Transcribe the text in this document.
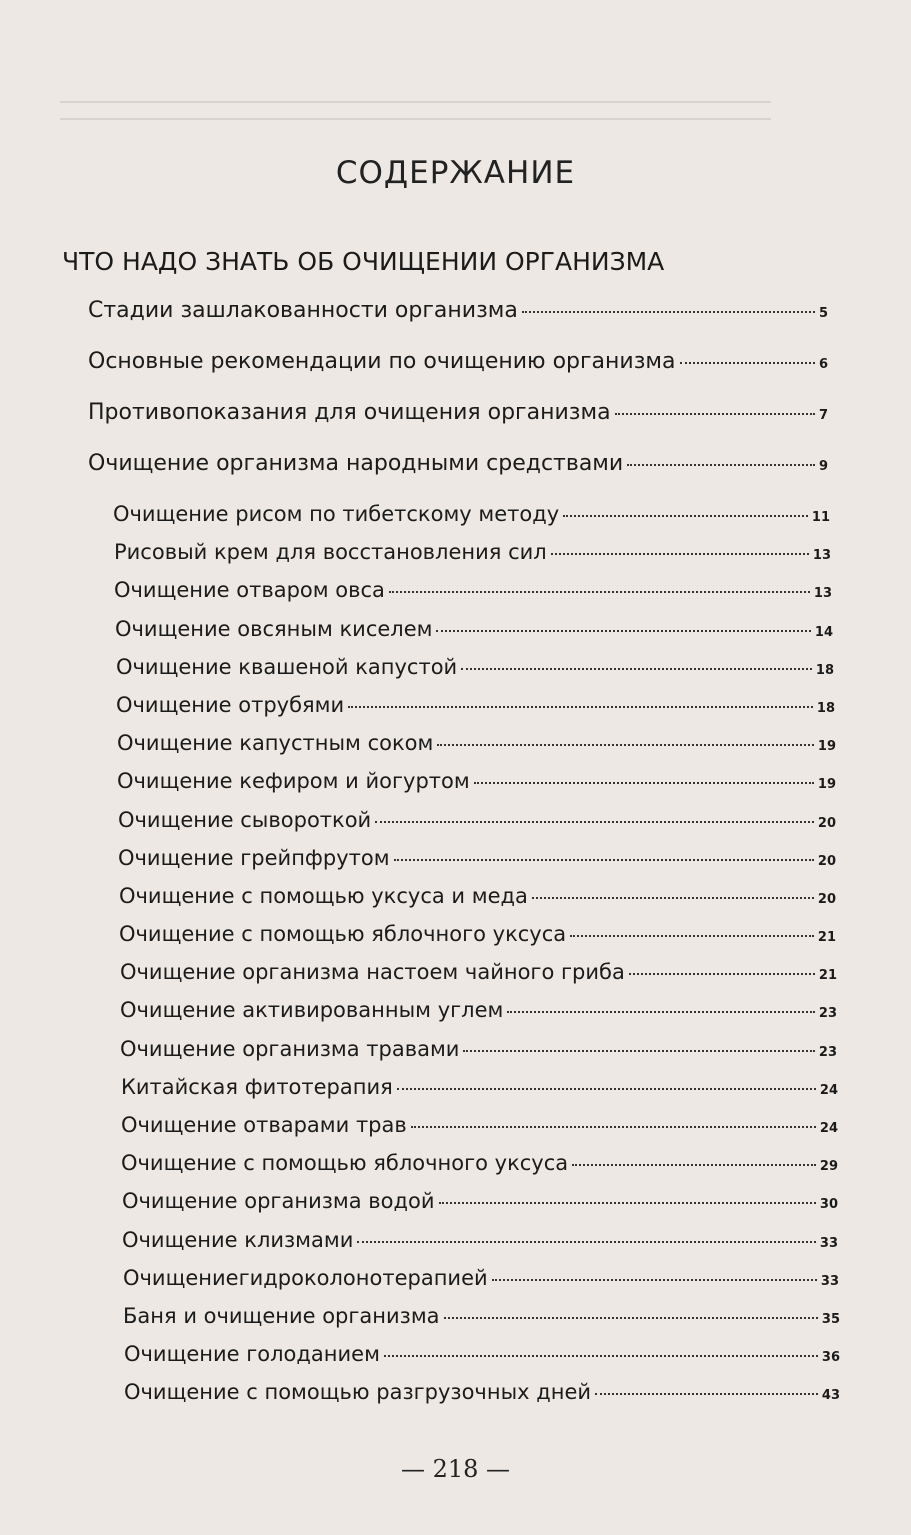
СОДЕРЖАНИЕ
ЧТО НАДО ЗНАТЬ ОБ ОЧИЩЕНИИ ОРГАНИЗМА
Стадии зашлакованности организма	5
Основные рекомендации по очищению организма	6
Противопоказания для очищения организма	7
Очищение организма народными средствами	9
Очищение рисом по тибетскому методу	11
Рисовый крем для восстановления сил	13
Очищение отваром овса	13
Очищение овсяным киселем	14
Очищение квашеной капустой	18
Очищение отрубями	18
Очищение капустным соком	19
Очищение кефиром и йогуртом	19
Очищение сывороткой	20
Очищение грейпфрутом	20
Очищение с помощью уксуса и меда	20
Очищение с помощью яблочного уксуса	21
Очищение организма настоем чайного гриба	21
Очищение активированным углем	23
Очищение организма травами	23
Китайская фитотерапия	24
Очищение отварами трав	24
Очищение с помощью яблочного уксуса	29
Очищение организма водой	30
Очищение клизмами	33
Очищениегидроколонотерапией	33
Баня и очищение организма	35
Очищение голоданием	36
Очищение с помощью разгрузочных дней	43
— 218 —
